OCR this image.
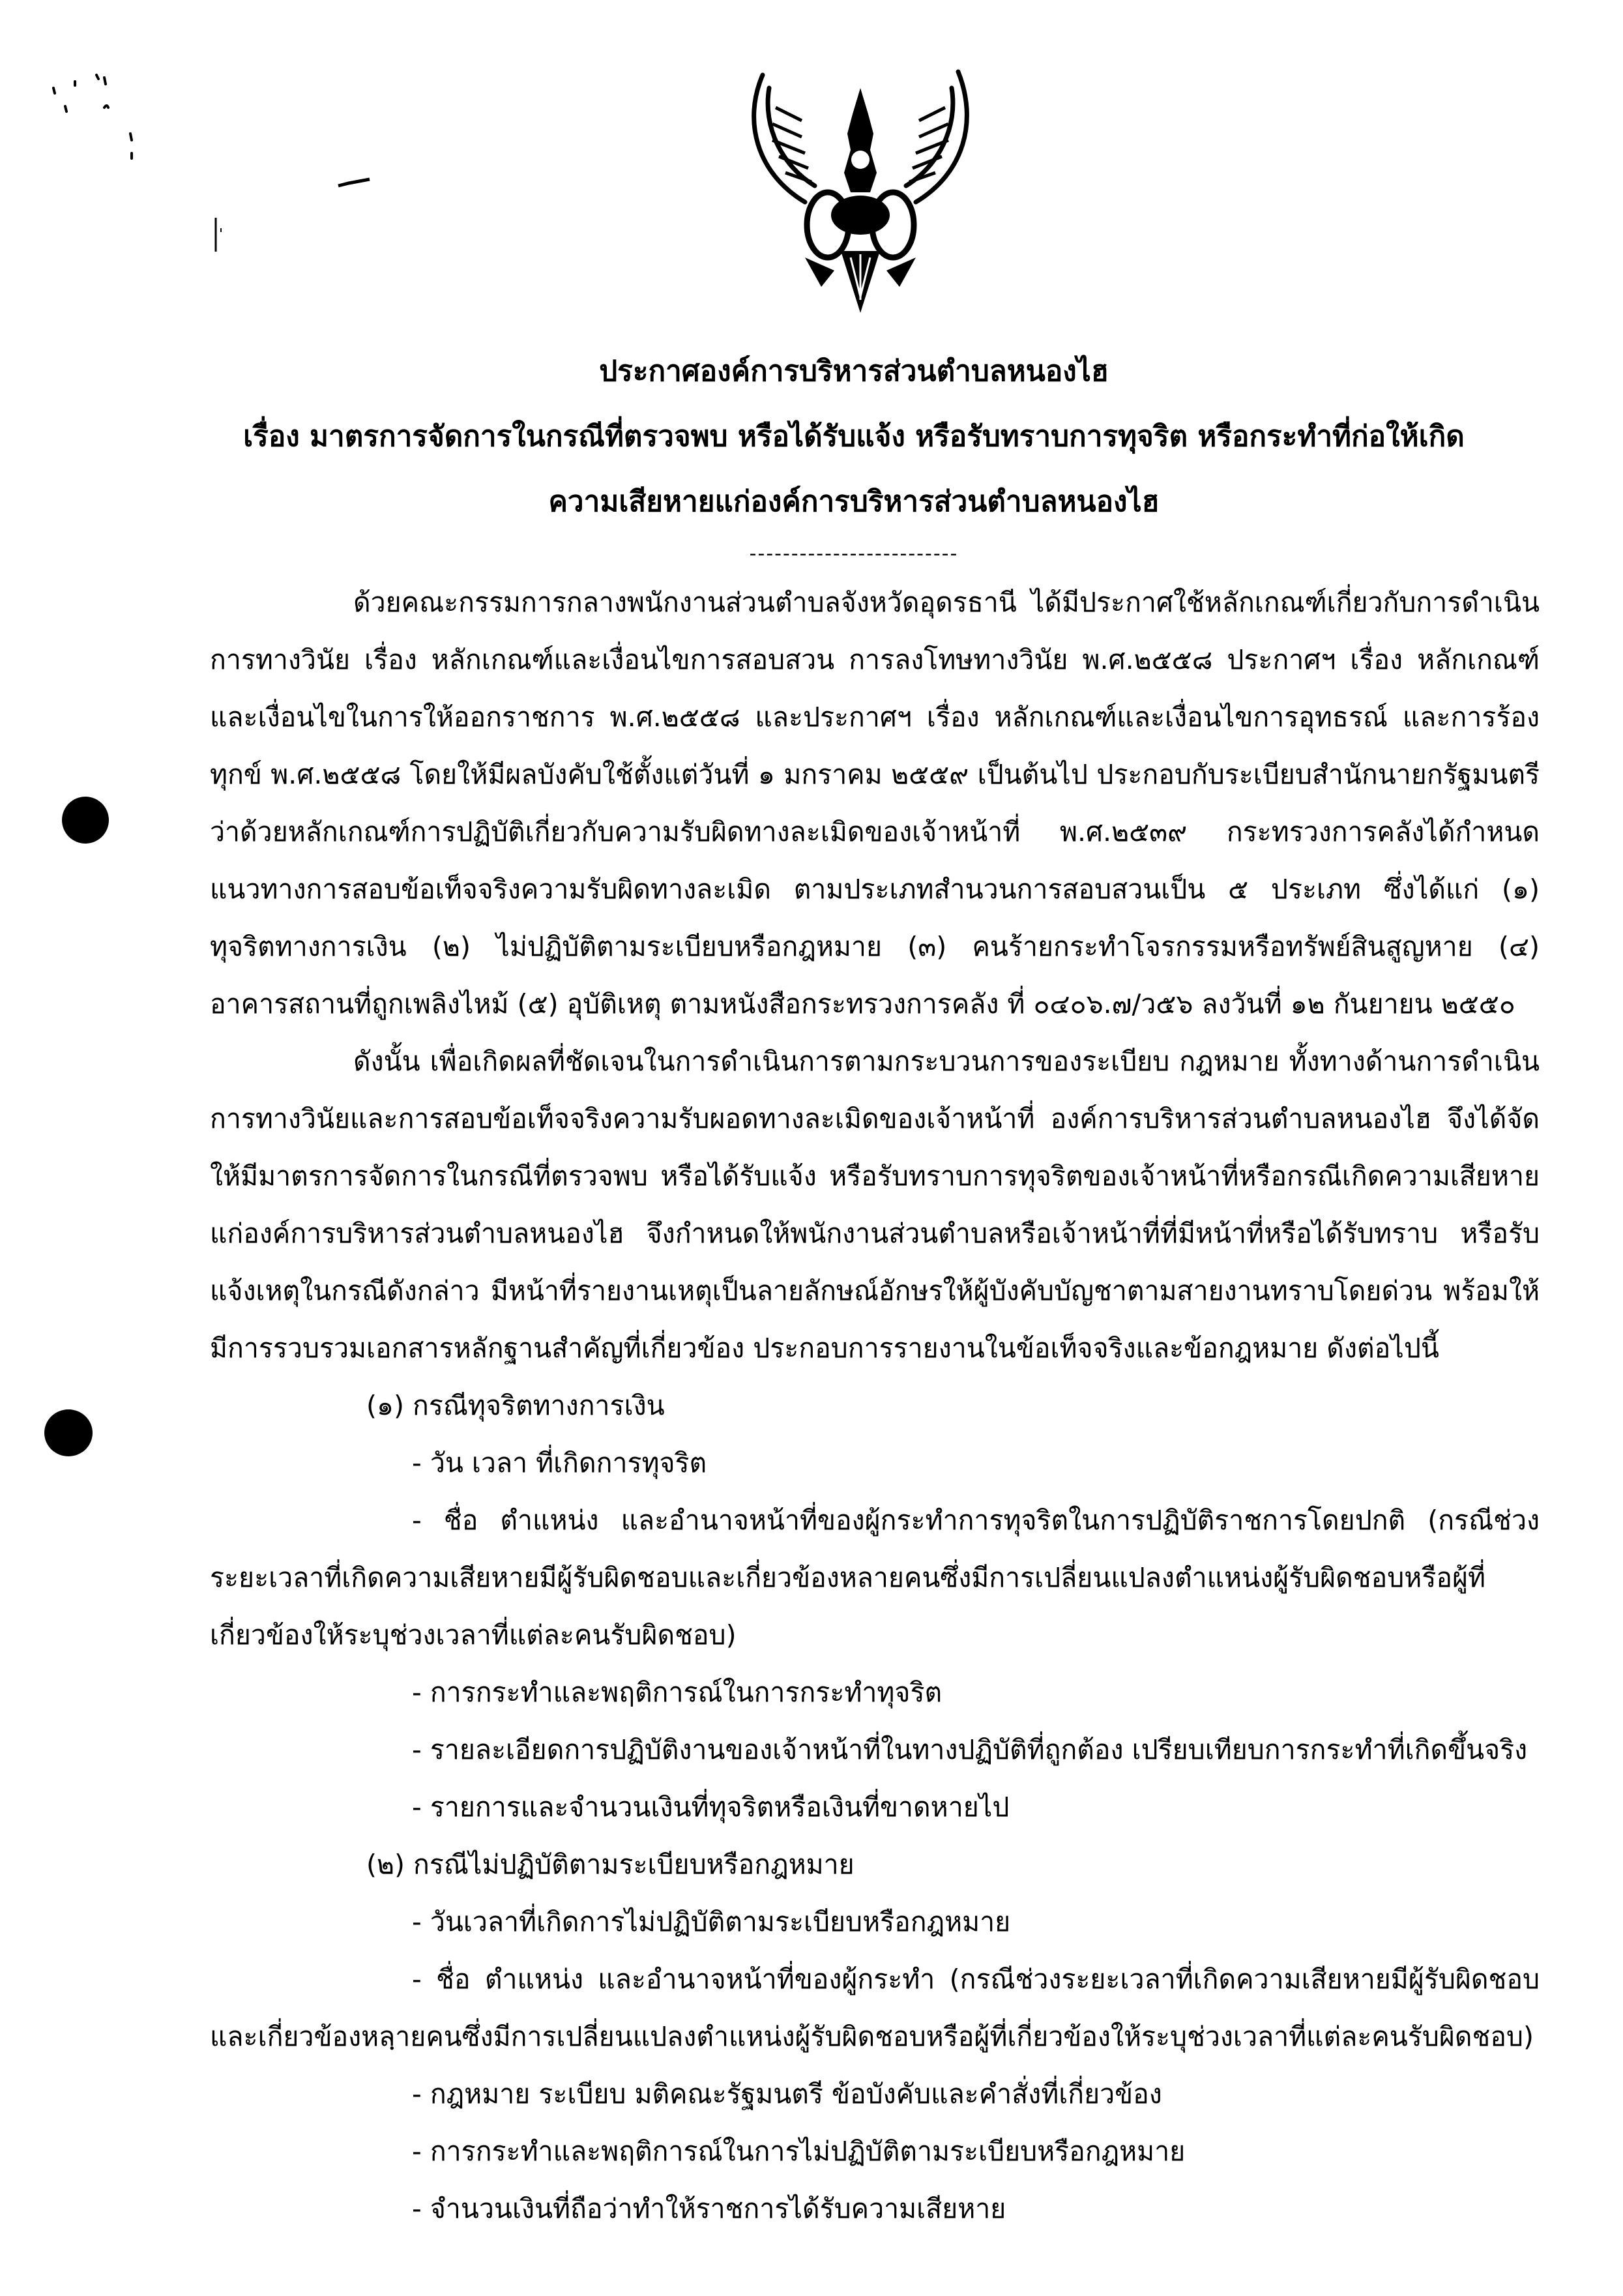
ประกาศองค์การบริหารส่วนตำบลหนองไฮ
เรื่อง มาตรการจัดการในกรณีที่ตรวจพบ หรือได้รับแจ้ง หรือรับทราบการทุจริต หรือกระทำที่ก่อให้เกิด
ความเสียหายแก่องค์การบริหารส่วนตำบลหนองไฮ
-------------------------

ด้วยคณะกรรมการกลางพนักงานส่วนตำบลจังหวัดอุดรธานี ได้มีประกาศใช้หลักเกณฑ์เกี่ยวกับการดำเนินการทางวินัย เรื่อง หลักเกณฑ์และเงื่อนไขการสอบสวน การลงโทษทางวินัย พ.ศ.๒๕๕๘ ประกาศฯ เรื่อง หลักเกณฑ์และเงื่อนไขในการให้ออกราชการ พ.ศ.๒๕๕๘ และประกาศฯ เรื่อง หลักเกณฑ์และเงื่อนไขการอุทธรณ์ และการร้องทุกข์ พ.ศ.๒๕๕๘ โดยให้มีผลบังคับใช้ตั้งแต่วันที่ ๑ มกราคม ๒๕๕๙ เป็นต้นไป ประกอบกับระเบียบสำนักนายกรัฐมนตรี ว่าด้วยหลักเกณฑ์การปฏิบัติเกี่ยวกับความรับผิดทางละเมิดของเจ้าหน้าที่ พ.ศ.๒๕๓๙ กระทรวงการคลังได้กำหนดแนวทางการสอบข้อเท็จจริงความรับผิดทางละเมิด ตามประเภทสำนวนการสอบสวนเป็น ๕ ประเภท ซึ่งได้แก่ (๑) ทุจริตทางการเงิน (๒) ไม่ปฏิบัติตามระเบียบหรือกฎหมาย (๓) คนร้ายกระทำโจรกรรมหรือทรัพย์สินสูญหาย (๔) อาคารสถานที่ถูกเพลิงไหม้ (๕) อุบัติเหตุ ตามหนังสือกระทรวงการคลัง ที่ ๐๔๐๖.๗/ว๕๖ ลงวันที่ ๑๒ กันยายน ๒๕๕๐

ดังนั้น เพื่อเกิดผลที่ชัดเจนในการดำเนินการตามกระบวนการของระเบียบ กฎหมาย ทั้งทางด้านการดำเนินการทางวินัยและการสอบข้อเท็จจริงความรับผอดทางละเมิดของเจ้าหน้าที่ องค์การบริหารส่วนตำบลหนองไฮ จึงได้จัดให้มีมาตรการจัดการในกรณีที่ตรวจพบ หรือได้รับแจ้ง หรือรับทราบการทุจริตของเจ้าหน้าที่หรือกรณีเกิดความเสียหายแก่องค์การบริหารส่วนตำบลหนองไฮ จึงกำหนดให้พนักงานส่วนตำบลหรือเจ้าหน้าที่ที่มีหน้าที่หรือได้รับทราบ หรือรับแจ้งเหตุในกรณีดังกล่าว มีหน้าที่รายงานเหตุเป็นลายลักษณ์อักษรให้ผู้บังคับบัญชาตามสายงานทราบโดยด่วน พร้อมให้มีการรวบรวมเอกสารหลักฐานสำคัญที่เกี่ยวข้อง ประกอบการรายงานในข้อเท็จจริงและข้อกฎหมาย ดังต่อไปนี้

(๑) กรณีทุจริตทางการเงิน

- วัน เวลา ที่เกิดการทุจริต

- ชื่อ ตำแหน่ง และอำนาจหน้าที่ของผู้กระทำการทุจริตในการปฏิบัติราชการโดยปกติ (กรณีช่วงระยะเวลาที่เกิดความเสียหายมีผู้รับผิดชอบและเกี่ยวข้องหลายคนซึ่งมีการเปลี่ยนแปลงตำแหน่งผู้รับผิดชอบหรือผู้ที่เกี่ยวข้องให้ระบุช่วงเวลาที่แต่ละคนรับผิดชอบ)

- การกระทำและพฤติการณ์ในการกระทำทุจริต

- รายละเอียดการปฏิบัติงานของเจ้าหน้าที่ในทางปฏิบัติที่ถูกต้อง เปรียบเทียบการกระทำที่เกิดขึ้นจริง

- รายการและจำนวนเงินที่ทุจริตหรือเงินที่ขาดหายไป

(๒) กรณีไม่ปฏิบัติตามระเบียบหรือกฎหมาย

- วันเวลาที่เกิดการไม่ปฏิบัติตามระเบียบหรือกฎหมาย

- ชื่อ ตำแหน่ง และอำนาจหน้าที่ของผู้กระทำ (กรณีช่วงระยะเวลาที่เกิดความเสียหายมีผู้รับผิดชอบและเกี่ยวข้องหลฺายคนซึ่งมีการเปลี่ยนแปลงตำแหน่งผู้รับผิดชอบหรือผู้ที่เกี่ยวข้องให้ระบุช่วงเวลาที่แต่ละคนรับผิดชอบ)

- กฎหมาย ระเบียบ มติคณะรัฐมนตรี ข้อบังคับและคำสั่งที่เกี่ยวข้อง

- การกระทำและพฤติการณ์ในการไม่ปฏิบัติตามระเบียบหรือกฎหมาย

- จำนวนเงินที่ถือว่าทำให้ราชการได้รับความเสียหาย
